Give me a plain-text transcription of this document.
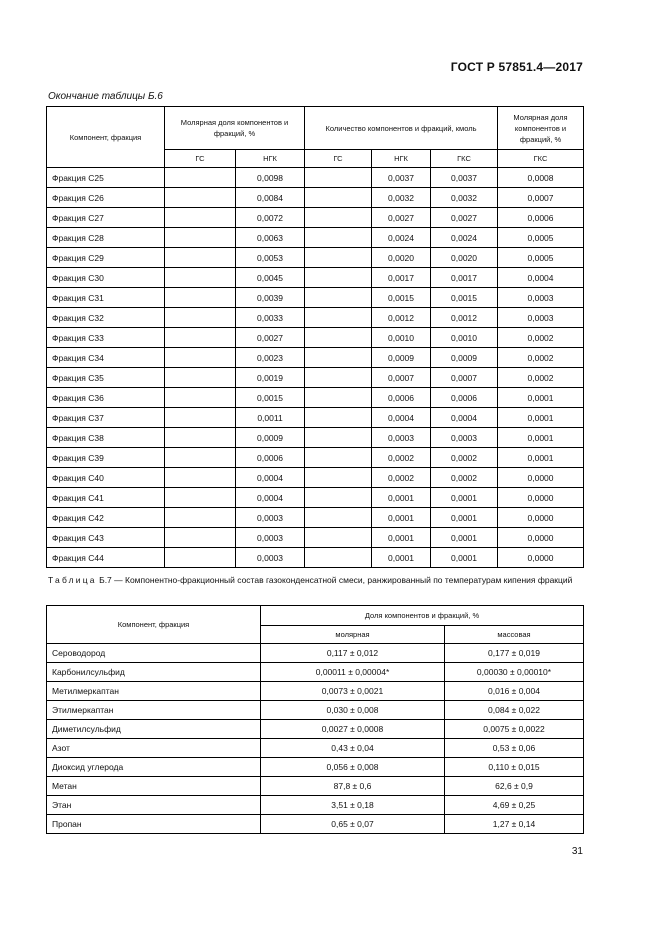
ГОСТ Р 57851.4—2017
Окончание таблицы Б.6
Компонент, фракция	Молярная доля компонентов и фракций, %		Количество компонентов и фракций, кмоль			Молярная доля компонентов и фракций, %
	ГС	НГК	ГС	НГК	ГКС	ГКС
Фракция C25		0,0098		0,0037	0,0037	0,0008
Фракция C26		0,0084		0,0032	0,0032	0,0007
Фракция C27		0,0072		0,0027	0,0027	0,0006
Фракция C28		0,0063		0,0024	0,0024	0,0005
Фракция C29		0,0053		0,0020	0,0020	0,0005
Фракция C30		0,0045		0,0017	0,0017	0,0004
Фракция C31		0,0039		0,0015	0,0015	0,0003
Фракция C32		0,0033		0,0012	0,0012	0,0003
Фракция C33		0,0027		0,0010	0,0010	0,0002
Фракция C34		0,0023		0,0009	0,0009	0,0002
Фракция C35		0,0019		0,0007	0,0007	0,0002
Фракция C36		0,0015		0,0006	0,0006	0,0001
Фракция C37		0,0011		0,0004	0,0004	0,0001
Фракция C38		0,0009		0,0003	0,0003	0,0001
Фракция C39		0,0006		0,0002	0,0002	0,0001
Фракция C40		0,0004		0,0002	0,0002	0,0000
Фракция C41		0,0004		0,0001	0,0001	0,0000
Фракция C42		0,0003		0,0001	0,0001	0,0000
Фракция C43		0,0003		0,0001	0,0001	0,0000
Фракция C44		0,0003		0,0001	0,0001	0,0000
Таблица Б.7 — Компонентно-фракционный состав газоконденсатной смеси, ранжированный по температурам кипения фракций
Компонент, фракция	Доля компонентов и фракций, %	
	молярная	массовая
Сероводород	0,117 ± 0,012	0,177 ± 0,019
Карбонилсульфид	0,00011 ± 0,00004*	0,00030 ± 0,00010*
Метилмеркаптан	0,0073 ± 0,0021	0,016 ± 0,004
Этилмеркаптан	0,030 ± 0,008	0,084 ± 0,022
Диметилсульфид	0,0027 ± 0,0008	0,0075 ± 0,0022
Азот	0,43 ± 0,04	0,53 ± 0,06
Диоксид углерода	0,056 ± 0,008	0,110 ± 0,015
Метан	87,8 ± 0,6	62,6 ± 0,9
Этан	3,51 ± 0,18	4,69 ± 0,25
Пропан	0,65 ± 0,07	1,27 ± 0,14
31
